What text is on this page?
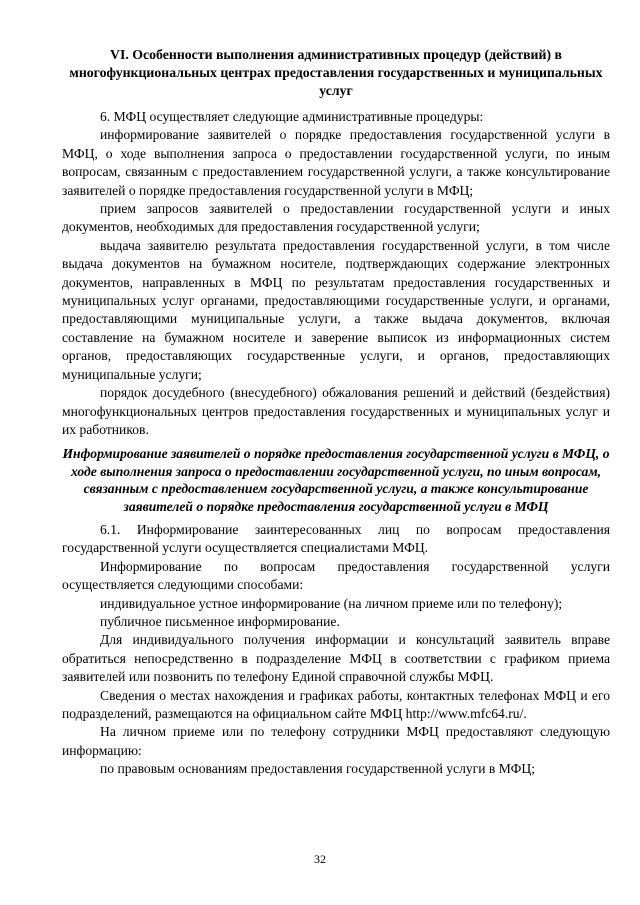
VI. Особенности выполнения административных процедур (действий) в многофункциональных центрах предоставления государственных и муниципальных услуг

6. МФЦ осуществляет следующие административные процедуры:

информирование заявителей о порядке предоставления государственной услуги в МФЦ, о ходе выполнения запроса о предоставлении государственной услуги, по иным вопросам, связанным с предоставлением государственной услуги, а также консультирование заявителей о порядке предоставления государственной услуги в МФЦ;

прием запросов заявителей о предоставлении государственной услуги и иных документов, необходимых для предоставления государственной услуги;

выдача заявителю результата предоставления государственной услуги, в том числе выдача документов на бумажном носителе, подтверждающих содержание электронных документов, направленных в МФЦ по результатам предоставления государственных и муниципальных услуг органами, предоставляющими государственные услуги, и органами, предоставляющими муниципальные услуги, а также выдача документов, включая составление на бумажном носителе и заверение выписок из информационных систем органов, предоставляющих государственные услуги, и органов, предоставляющих муниципальные услуги;

порядок досудебного (внесудебного) обжалования решений и действий (бездействия) многофункциональных центров предоставления государственных и муниципальных услуг и их работников.

Информирование заявителей о порядке предоставления государственной услуги в МФЦ, о ходе выполнения запроса о предоставлении государственной услуги, по иным вопросам, связанным с предоставлением государственной услуги, а также консультирование заявителей о порядке предоставления государственной услуги в МФЦ

6.1. Информирование заинтересованных лиц по вопросам предоставления государственной услуги осуществляется специалистами МФЦ.

Информирование по вопросам предоставления государственной услуги осуществляется следующими способами:

индивидуальное устное информирование (на личном приеме или по телефону);

публичное письменное информирование.

Для индивидуального получения информации и консультаций заявитель вправе обратиться непосредственно в подразделение МФЦ в соответствии с графиком приема заявителей или позвонить по телефону Единой справочной службы МФЦ.

Сведения о местах нахождения и графиках работы, контактных телефонах МФЦ и его подразделений, размещаются на официальном сайте МФЦ http://www.mfc64.ru/.

На личном приеме или по телефону сотрудники МФЦ предоставляют следующую информацию:

по правовым основаниям предоставления государственной услуги в МФЦ;

32
